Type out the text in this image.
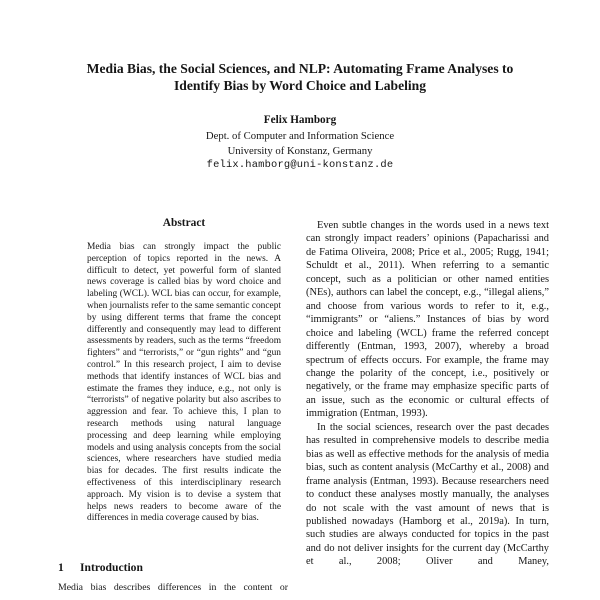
Media Bias, the Social Sciences, and NLP: Automating Frame Analyses to
Identify Bias by Word Choice and Labeling
Felix Hamborg
Dept. of Computer and Information Science
University of Konstanz, Germany
felix.hamborg@uni-konstanz.de
Abstract
Media bias can strongly impact the public perception of topics reported in the news. A difficult to detect, yet powerful form of slanted news coverage is called bias by word choice and labeling (WCL). WCL bias can occur, for example, when journalists refer to the same semantic concept by using different terms that frame the concept differently and consequently may lead to different assessments by readers, such as the terms “freedom fighters” and “terrorists,” or “gun rights” and “gun control.” In this research project, I aim to devise methods that identify instances of WCL bias and estimate the frames they induce, e.g., not only is “terrorists” of negative polarity but also ascribes to aggression and fear. To achieve this, I plan to research methods using natural language processing and deep learning while employing models and using analysis concepts from the social sciences, where researchers have studied media bias for decades. The first results indicate the effectiveness of this interdisciplinary research approach. My vision is to devise a system that helps news readers to become aware of the differences in media coverage caused by bias.
1 Introduction
Media bias describes differences in the content or

Even subtle changes in the words used in a news text can strongly impact readers’ opinions (Papacharissi and de Fatima Oliveira, 2008; Price et al., 2005; Rugg, 1941; Schuldt et al., 2011). When referring to a semantic concept, such as a politician or other named entities (NEs), authors can label the concept, e.g., “illegal aliens,” and choose from various words to refer to it, e.g., “immigrants” or “aliens.” Instances of bias by word choice and labeling (WCL) frame the referred concept differently (Entman, 1993, 2007), whereby a broad spectrum of effects occurs. For example, the frame may change the polarity of the concept, i.e., positively or negatively, or the frame may emphasize specific parts of an issue, such as the economic or cultural effects of immigration (Entman, 1993).

In the social sciences, research over the past decades has resulted in comprehensive models to describe media bias as well as effective methods for the analysis of media bias, such as content analysis (McCarthy et al., 2008) and frame analysis (Entman, 1993). Because researchers need to conduct these analyses mostly manually, the analyses do not scale with the vast amount of news that is published nowadays (Hamborg et al., 2019a). In turn, such studies are always conducted for topics in the past and do not deliver insights for the current day (McCarthy et al., 2008; Oliver and Maney,
